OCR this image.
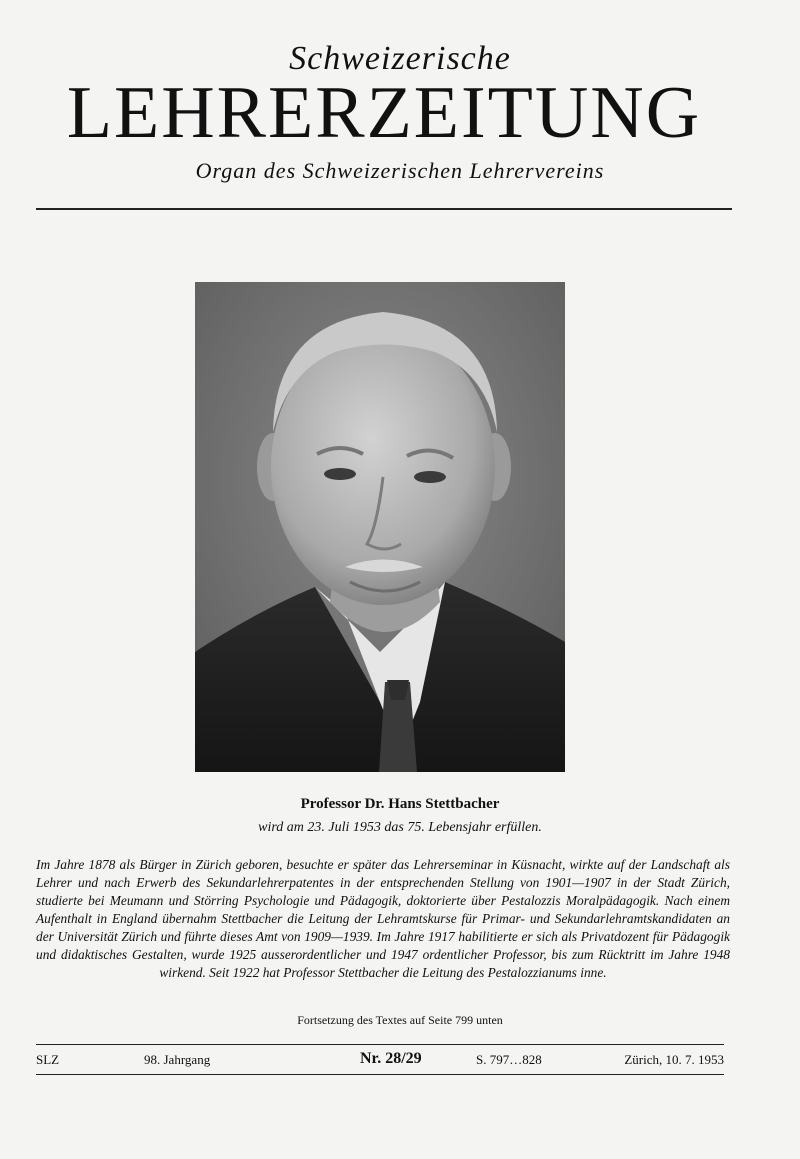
Schweizerische
LEHRERZEITUNG
Organ des Schweizerischen Lehrervereins
Professor Dr. Hans Stettbacher
wird am 23. Juli 1953 das 75. Lebensjahr erfüllen.
Im Jahre 1878 als Bürger in Zürich geboren, besuchte er später das Lehrerseminar in Küsnacht, wirkte auf der Landschaft als Lehrer und nach Erwerb des Sekundarlehrerpatentes in der entsprechenden Stellung von 1901—1907 in der Stadt Zürich, studierte bei Meumann und Störring Psychologie und Pädagogik, doktorierte über Pestalozzis Moralpädagogik. Nach einem Aufenthalt in England übernahm Stettbacher die Leitung der Lehramtskurse für Primar- und Sekundarlehramtskandidaten an der Universität Zürich und führte dieses Amt von 1909—1939. Im Jahre 1917 habilitierte er sich als Privatdozent für Pädagogik und didaktisches Gestalten, wurde 1925 ausserordentlicher und 1947 ordentlicher Professor, bis zum Rücktritt im Jahre 1948 wirkend. Seit 1922 hat Professor Stettbacher die Leitung des Pestalozzianums inne.
Fortsetzung des Textes auf Seite 799 unten
SLZ	98. Jahrgang	Nr. 28/29	S. 797…828	Zürich, 10. 7. 1953
